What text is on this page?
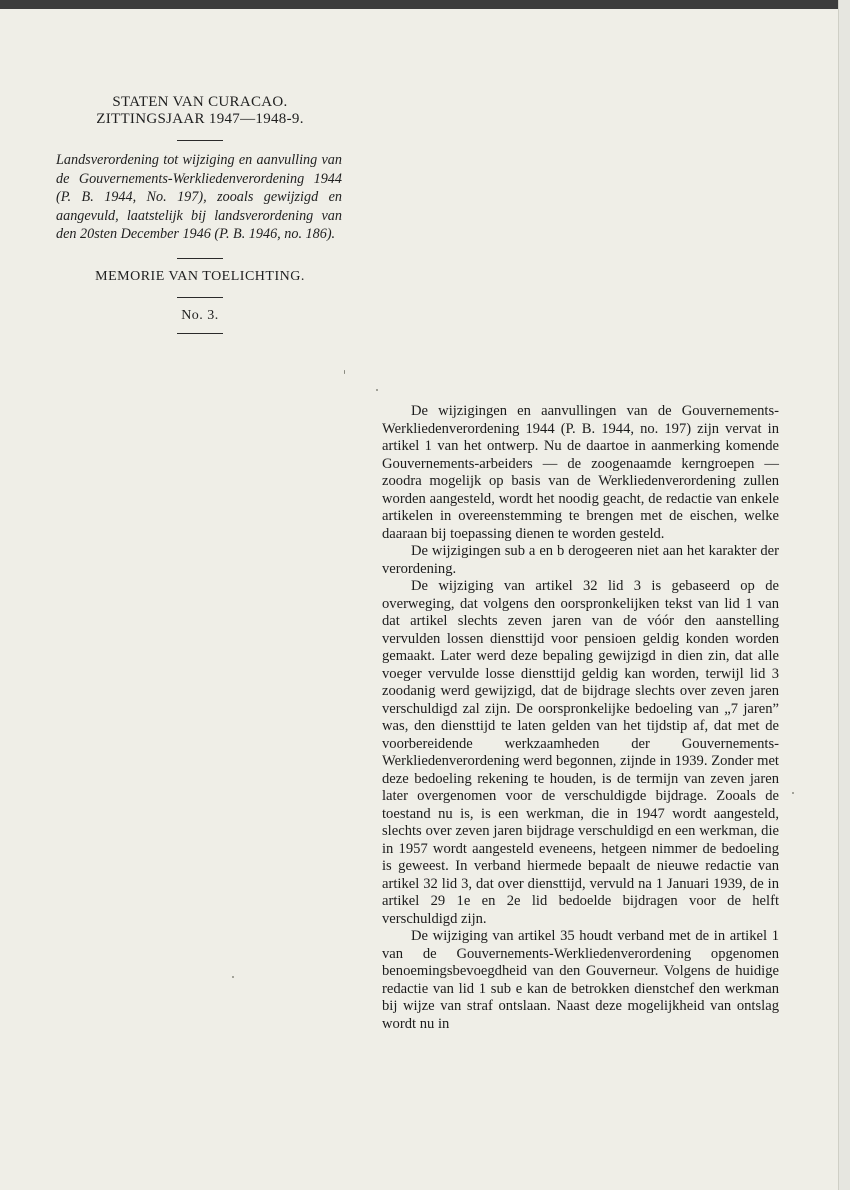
STATEN VAN CURACAO.
ZITTINGSJAAR 1947—1948-9.

Landsverordening tot wijziging en aanvulling van de Gouvernements-Werkliedenverordening 1944 (P. B. 1944, No. 197), zooals gewijzigd en aangevuld, laatstelijk bij landsverordening van den 20sten December 1946 (P. B. 1946, no. 186).

MEMORIE VAN TOELICHTING.
No. 3.

De wijzigingen en aanvullingen van de Gouvernements-Werkliedenverordening 1944 (P. B. 1944, no. 197) zijn vervat in artikel 1 van het ontwerp. Nu de daartoe in aanmerking komende Gouvernements-arbeiders — de zoogenaamde kerngroepen — zoodra mogelijk op basis van de Werkliedenverordening zullen worden aangesteld, wordt het noodig geacht, de redactie van enkele artikelen in overeenstemming te brengen met de eischen, welke daaraan bij toepassing dienen te worden gesteld.

De wijzigingen sub a en b derogeeren niet aan het karakter der verordening.

De wijziging van artikel 32 lid 3 is gebaseerd op de overweging, dat volgens den oorspronkelijken tekst van lid 1 van dat artikel slechts zeven jaren van de vóór den aanstelling vervulden lossen diensttijd voor pensioen geldig konden worden gemaakt. Later werd deze bepaling gewijzigd in dien zin, dat alle voeger vervulde losse diensttijd geldig kan worden, terwijl lid 3 zoodanig werd gewijzigd, dat de bijdrage slechts over zeven jaren verschuldigd zal zijn. De oorspronkelijke bedoeling van „7 jaren” was, den diensttijd te laten gelden van het tijdstip af, dat met de voorbereidende werkzaamheden der Gouvernements-Werkliedenverordening werd begonnen, zijnde in 1939. Zonder met deze bedoeling rekening te houden, is de termijn van zeven jaren later overgenomen voor de verschuldigde bijdrage. Zooals de toestand nu is, is een werkman, die in 1947 wordt aangesteld, slechts over zeven jaren bijdrage verschuldigd en een werkman, die in 1957 wordt aangesteld eveneens, hetgeen nimmer de bedoeling is geweest. In verband hiermede bepaalt de nieuwe redactie van artikel 32 lid 3, dat over diensttijd, vervuld na 1 Januari 1939, de in artikel 29 1e en 2e lid bedoelde bijdragen voor de helft verschuldigd zijn.

De wijziging van artikel 35 houdt verband met de in artikel 1 van de Gouvernements-Werkliedenverordening opgenomen benoemingsbevoegdheid van den Gouverneur. Volgens de huidige redactie van lid 1 sub e kan de betrokken dienstchef den werkman bij wijze van straf ontslaan. Naast deze mogelijkheid van ontslag wordt nu in
